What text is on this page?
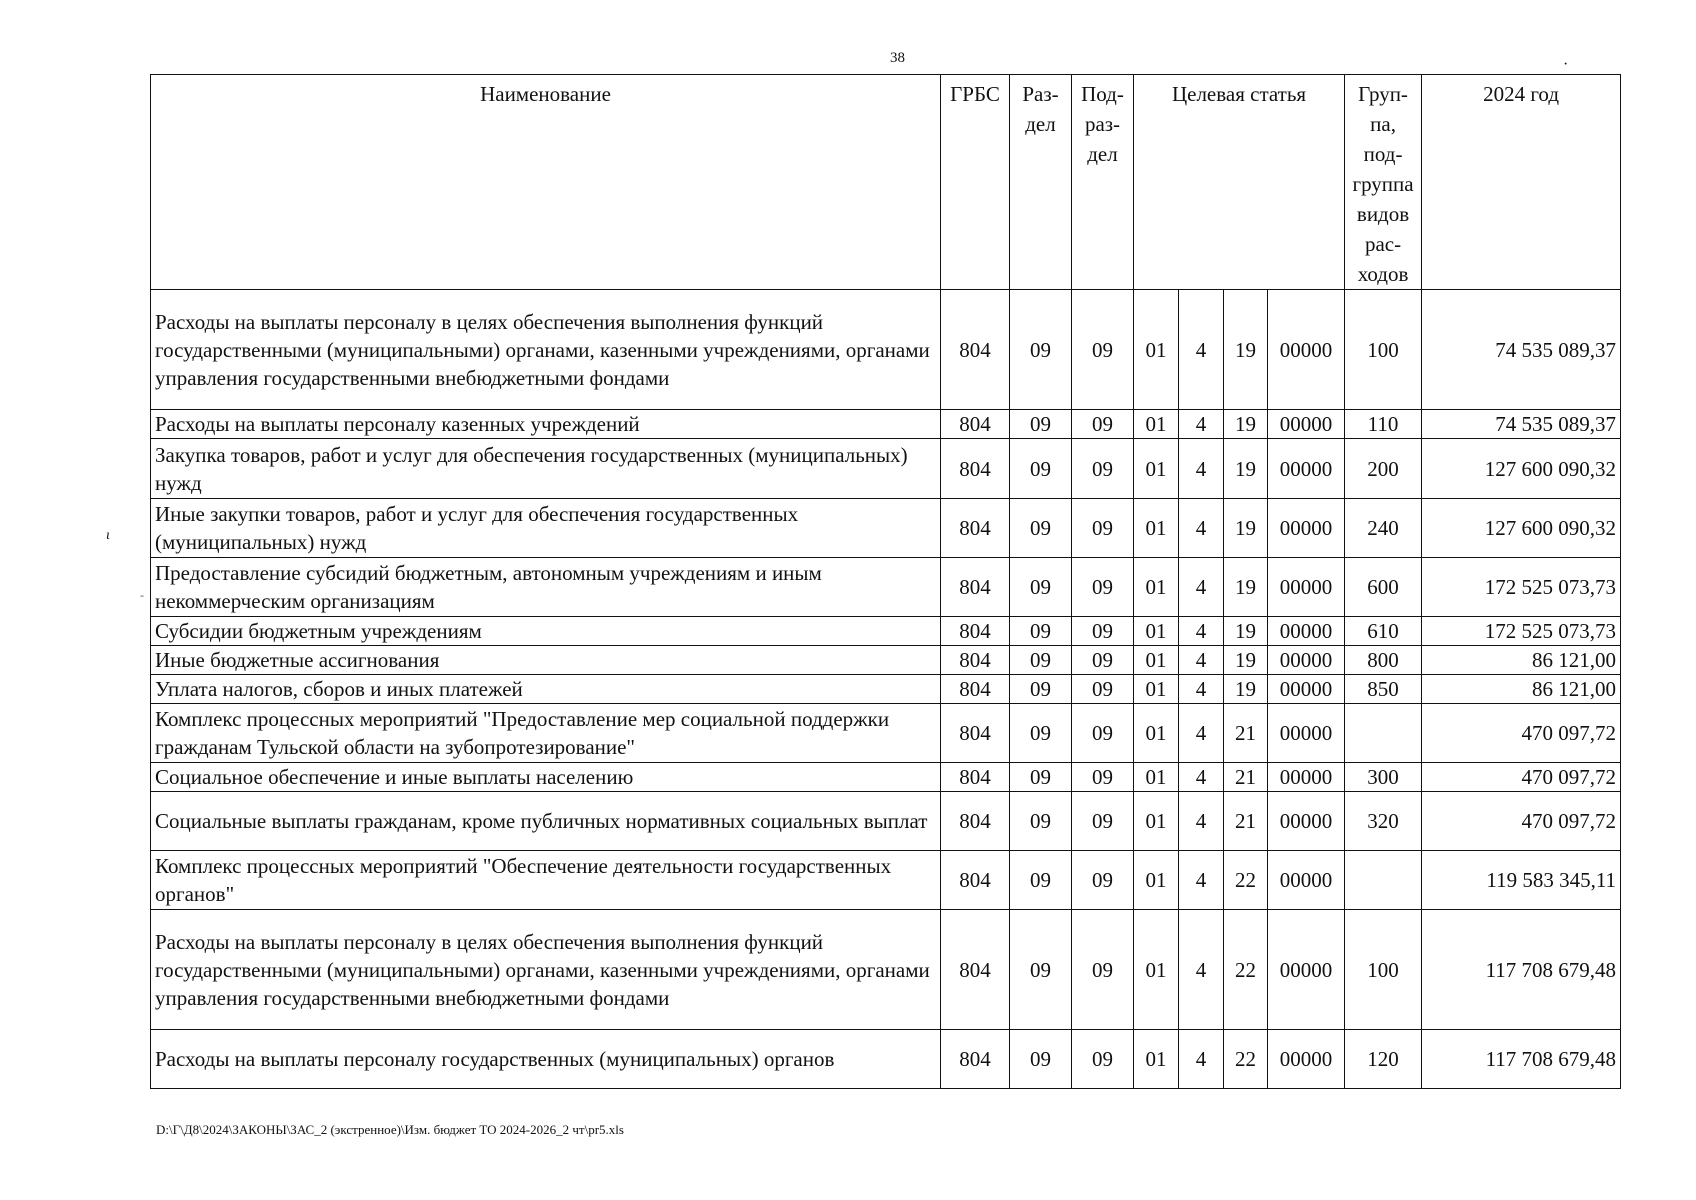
38	·
ι
-
Наименование	ГРБС	Раз-дел	Под-раз-дел	Целевая статья				Груп-па, под-группа видов рас-ходов	2024 год
Расходы на выплаты персоналу в целях обеспечения выполнения функций государственными (муниципальными) органами, казенными учреждениями, органами управления государственными внебюджетными фондами	804	09	09	01	4	19	00000	100	74 535 089,37
Расходы на выплаты персоналу казенных учреждений	804	09	09	01	4	19	00000	110	74 535 089,37
Закупка товаров, работ и услуг для обеспечения государственных (муниципальных) нужд	804	09	09	01	4	19	00000	200	127 600 090,32
Иные закупки товаров, работ и услуг для обеспечения государственных (муниципальных) нужд	804	09	09	01	4	19	00000	240	127 600 090,32
Предоставление субсидий бюджетным, автономным учреждениям и иным некоммерческим организациям	804	09	09	01	4	19	00000	600	172 525 073,73
Субсидии бюджетным учреждениям	804	09	09	01	4	19	00000	610	172 525 073,73
Иные бюджетные ассигнования	804	09	09	01	4	19	00000	800	86 121,00
Уплата налогов, сборов и иных платежей	804	09	09	01	4	19	00000	850	86 121,00
Комплекс процессных мероприятий "Предоставление мер социальной поддержки гражданам Тульской области на зубопротезирование"	804	09	09	01	4	21	00000		470 097,72
Социальное обеспечение и иные выплаты населению	804	09	09	01	4	21	00000	300	470 097,72
Социальные выплаты гражданам, кроме публичных нормативных социальных выплат	804	09	09	01	4	21	00000	320	470 097,72
Комплекс процессных мероприятий "Обеспечение деятельности государственных органов"	804	09	09	01	4	22	00000		119 583 345,11
Расходы на выплаты персоналу в целях обеспечения выполнения функций государственными (муниципальными) органами, казенными учреждениями, органами управления государственными внебюджетными фондами	804	09	09	01	4	22	00000	100	117 708 679,48
Расходы на выплаты персоналу государственных (муниципальных) органов	804	09	09	01	4	22	00000	120	117 708 679,48
D:\Г\Д8\2024\ЗАКОНЫ\ЗАС_2 (экстренное)\Изм. бюджет ТО 2024-2026_2 чт\pr5.xls
